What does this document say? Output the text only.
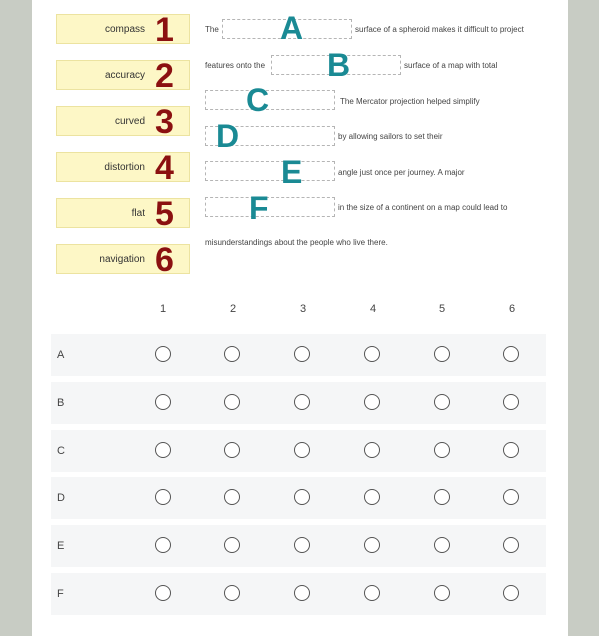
compass 1
accuracy 2
curved 3
distortion 4
flat 5
navigation 6
The A	surface of a spheroid makes it difficult to project
features onto the B	surface of a map with total
C	The Mercator projection helped simplify
D	by allowing sailors to set their
E	angle just once per journey. A major
F	in the size of a continent on a map could lead to
misunderstandings about the people who live there.
1	2	3	4	5	6
A
B
C
D
E
F
